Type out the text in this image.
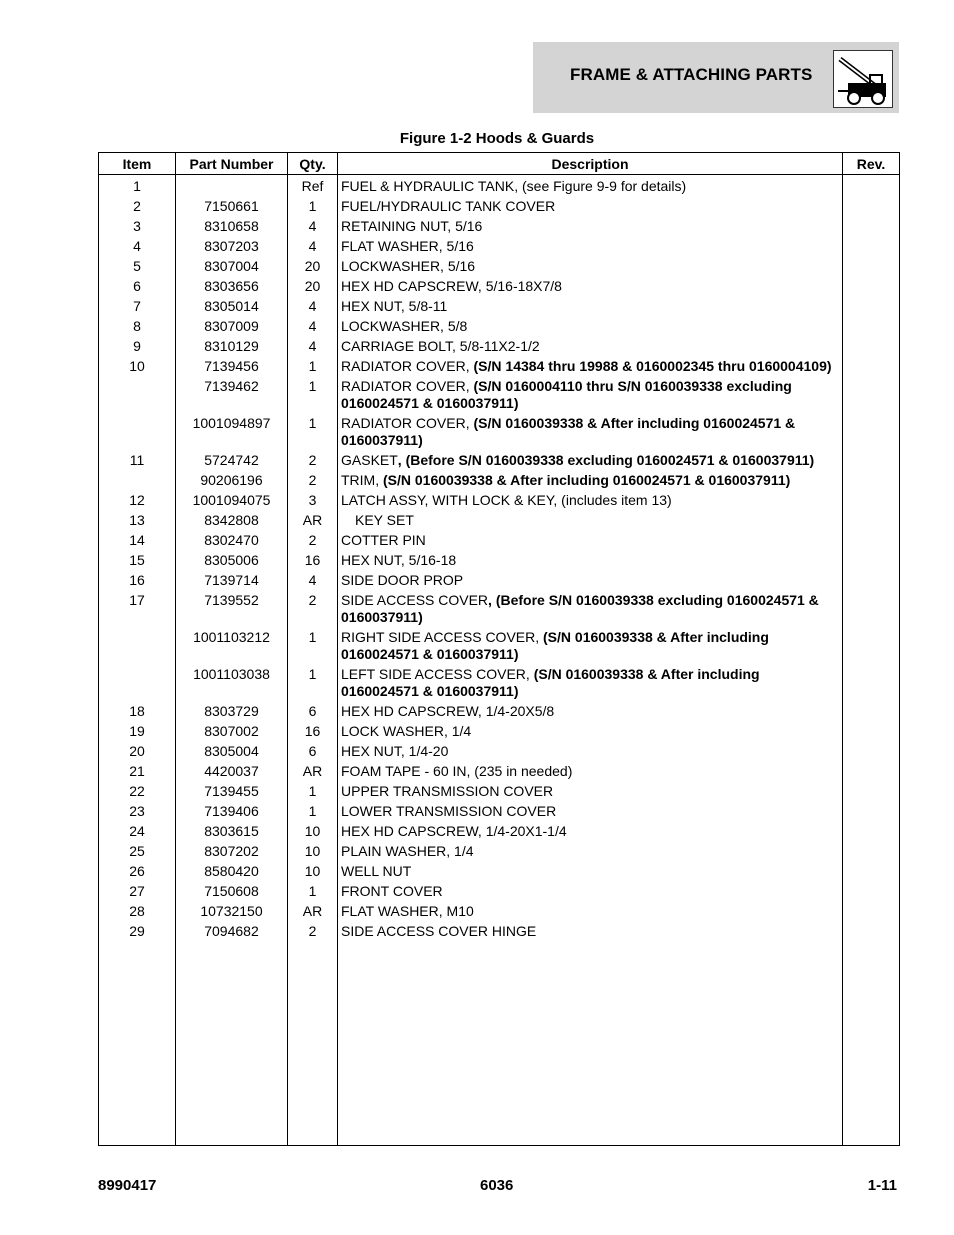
FRAME & ATTACHING PARTS
Figure 1-2 Hoods & Guards
Item	Part Number	Qty.	Description	Rev.
1		Ref	FUEL & HYDRAULIC TANK, (see Figure 9-9 for details)	
2	7150661	1	FUEL/HYDRAULIC TANK COVER	
3	8310658	4	RETAINING NUT, 5/16	
4	8307203	4	FLAT WASHER, 5/16	
5	8307004	20	LOCKWASHER, 5/16	
6	8303656	20	HEX HD CAPSCREW, 5/16-18X7/8	
7	8305014	4	HEX NUT, 5/8-11	
8	8307009	4	LOCKWASHER, 5/8	
9	8310129	4	CARRIAGE BOLT, 5/8-11X2-1/2	
10	7139456	1	RADIATOR COVER, (S/N 14384 thru 19988 & 0160002345 thru 0160004109)	
	7139462	1	RADIATOR COVER, (S/N 0160004110 thru S/N 0160039338 excluding 0160024571 & 0160037911)	
	1001094897	1	RADIATOR COVER, (S/N 0160039338 & After including 0160024571 & 0160037911)	
11	5724742	2	GASKET, (Before S/N 0160039338 excluding 0160024571 & 0160037911)	
	90206196	2	TRIM, (S/N 0160039338 & After including 0160024571 & 0160037911)	
12	1001094075	3	LATCH ASSY, WITH LOCK & KEY, (includes item 13)	
13	8342808	AR	KEY SET	
14	8302470	2	COTTER PIN	
15	8305006	16	HEX NUT, 5/16-18	
16	7139714	4	SIDE DOOR PROP	
17	7139552	2	SIDE ACCESS COVER, (Before S/N 0160039338 excluding 0160024571 & 0160037911)	
	1001103212	1	RIGHT SIDE ACCESS COVER, (S/N 0160039338 & After including 0160024571 & 0160037911)	
	1001103038	1	LEFT SIDE ACCESS COVER, (S/N 0160039338 & After including 0160024571 & 0160037911)	
18	8303729	6	HEX HD CAPSCREW, 1/4-20X5/8	
19	8307002	16	LOCK WASHER, 1/4	
20	8305004	6	HEX NUT, 1/4-20	
21	4420037	AR	FOAM TAPE - 60 IN, (235 in needed)	
22	7139455	1	UPPER TRANSMISSION COVER	
23	7139406	1	LOWER TRANSMISSION COVER	
24	8303615	10	HEX HD CAPSCREW, 1/4-20X1-1/4	
25	8307202	10	PLAIN WASHER, 1/4	
26	8580420	10	WELL NUT	
27	7150608	1	FRONT COVER	
28	10732150	AR	FLAT WASHER, M10	
29	7094682	2	SIDE ACCESS COVER HINGE	

8990417	6036	1-11
